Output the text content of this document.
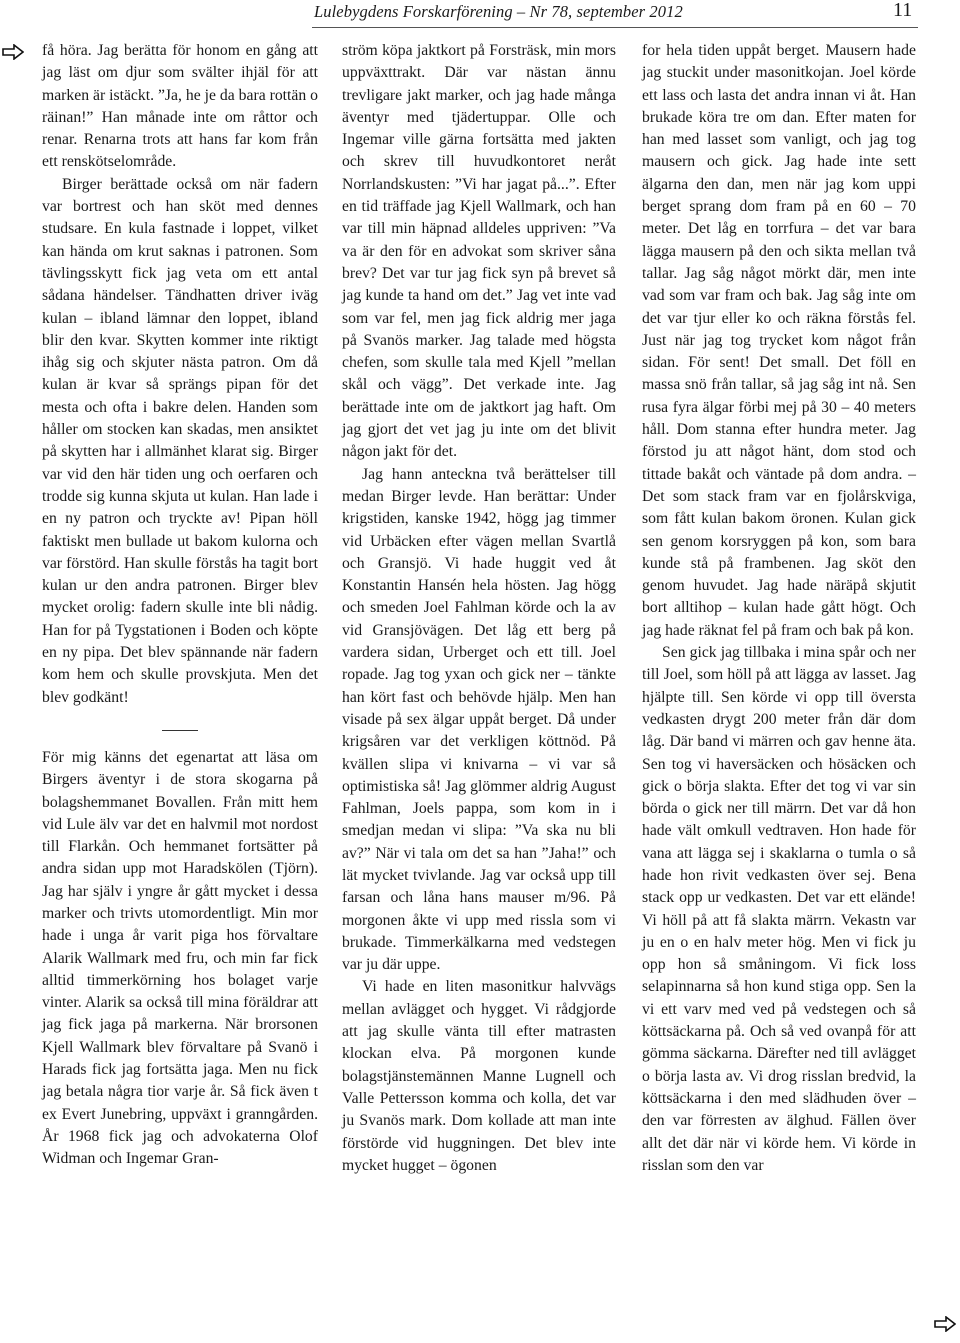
Lulebygdens Forskarförening – Nr 78, september 2012	11

få höra. Jag berätta för honom en gång att jag läst om djur som svälter ihjäl för att marken är istäckt. ”Ja, he je da bara rottän o räinan!” Han månade inte om råttor och renar. Renarna trots att hans far kom från ett renskötselområde.

Birger berättade också om när fadern var bortrest och han sköt med dennes studsare. En kula fastnade i loppet, vilket kan hända om krut saknas i patronen. Som tävlingsskytt fick jag veta om ett antal sådana händelser. Tändhatten driver iväg kulan – ibland lämnar den loppet, ibland blir den kvar. Skytten kommer inte riktigt ihåg sig och skjuter nästa patron. Om då kulan är kvar så sprängs pipan för det mesta och ofta i bakre delen. Handen som håller om stocken kan skadas, men ansiktet på skytten har i allmänhet klarat sig. Birger var vid den här tiden ung och oerfaren och trodde sig kunna skjuta ut kulan. Han lade i en ny patron och tryckte av! Pipan höll faktiskt men bullade ut bakom kulorna och var förstörd. Han skulle förstås ha tagit bort kulan ur den andra patronen. Birger blev mycket orolig: fadern skulle inte bli nådig. Han for på Tygstationen i Boden och köpte en ny pipa. Det blev spännande när fadern kom hem och skulle provskjuta. Men det blev godkänt!

För mig känns det egenartat att läsa om Birgers äventyr i de stora skogarna på bolagshemmanet Bovallen. Från mitt hem vid Lule älv var det en halvmil mot nordost till Flarkån. Och hemmanet fortsätter på andra sidan upp mot Haradskölen (Tjörn). Jag har själv i yngre år gått mycket i dessa marker och trivts utomordentligt. Min mor hade i unga år varit piga hos förvaltare Alarik Wallmark med fru, och min far fick alltid timmerkörning hos bolaget varje vinter. Alarik sa också till mina föräldrar att jag fick jaga på markerna. När brorsonen Kjell Wallmark blev förvaltare på Svanö i Harads fick jag fortsätta jaga. Men nu fick jag betala några tior varje år. Så fick även t ex Evert Junebring, uppväxt i granngården. År 1968 fick jag och advokaterna Olof Widman och Ingemar Gran-

ström köpa jaktkort på Forsträsk, min mors uppväxttrakt. Där var nästan ännu trevligare jakt marker, och jag hade många äventyr med tjädertuppar. Olle och Ingemar ville gärna fortsätta med jakten och skrev till huvudkontoret neråt Norrlandskusten: ”Vi har jagat på...”. Efter en tid träffade jag Kjell Wallmark, och han var till min häpnad alldeles uppriven: ”Va va är den för en advokat som skriver såna brev? Det var tur jag fick syn på brevet så jag kunde ta hand om det.” Jag vet inte vad som var fel, men jag fick aldrig mer jaga på Svanös marker. Jag talade med högsta chefen, som skulle tala med Kjell ”mellan skål och vägg”. Det verkade inte. Jag berättade inte om de jaktkort jag haft. Om jag gjort det vet jag ju inte om det blivit någon jakt för det.

Jag hann anteckna två berättelser till medan Birger levde. Han berättar: Under krigstiden, kanske 1942, högg jag timmer vid Urbäcken efter vägen mellan Svartlå och Gransjö. Vi hade huggit ved åt Konstantin Hansén hela hösten. Jag högg och smeden Joel Fahlman körde och la av vid Gransjövägen. Det låg ett berg på vardera sidan, Urberget och ett till. Joel ropade. Jag tog yxan och gick ner – tänkte han kört fast och behövde hjälp. Men han visade på sex älgar uppåt berget. Då under krigsåren var det verkligen köttnöd. På kvällen slipa vi knivarna – vi var så optimistiska så! Jag glömmer aldrig August Fahlman, Joels pappa, som kom in i smedjan medan vi slipa: ”Va ska nu bli av?” När vi tala om det sa han ”Jaha!” och lät mycket tvivlande. Jag var också upp till farsan och låna hans mauser m/96. På morgonen åkte vi upp med rissla som vi brukade. Timmerkälkarna med vedstegen var ju där uppe.

Vi hade en liten masonitkur halvvägs mellan avlägget och hygget. Vi rådgjorde att jag skulle vänta till efter matrasten klockan elva. På morgonen kunde bolagstjänstemännen Manne Lugnell och Valle Pettersson komma och kolla, det var ju Svanös mark. Dom kollade att man inte förstörde vid huggningen. Det blev inte mycket hugget – ögonen

for hela tiden uppåt berget. Mausern hade jag stuckit under masonitkojan. Joel körde ett lass och lasta det andra innan vi åt. Han brukade köra tre om dan. Efter maten for han med lasset som vanligt, och jag tog mausern och gick. Jag hade inte sett älgarna den dan, men när jag kom uppi berget sprang dom fram på en 60 – 70 meter. Det låg en torrfura – det var bara lägga mausern på den och sikta mellan två tallar. Jag såg något mörkt där, men inte vad som var fram och bak. Jag såg inte om det var tjur eller ko och räkna förstås fel. Just när jag tog trycket kom något från sidan. För sent! Det small. Det föll en massa snö från tallar, så jag såg int nå. Sen rusa fyra älgar förbi mej på 30 – 40 meters håll. Dom stanna efter hundra meter. Jag förstod ju att något hänt, dom stod och tittade bakåt och väntade på dom andra. – Det som stack fram var en fjolårskviga, som fått kulan bakom öronen. Kulan gick sen genom korsryggen på kon, som bara kunde stå på frambenen. Jag sköt den genom huvudet. Jag hade näräpå skjutit bort alltihop – kulan hade gått högt. Och jag hade räknat fel på fram och bak på kon.

Sen gick jag tillbaka i mina spår och ner till Joel, som höll på att lägga av lasset. Jag hjälpte till. Sen körde vi opp till översta vedkasten drygt 200 meter från där dom låg. Där band vi märren och gav henne äta. Sen tog vi haversäcken och hösäcken och gick o börja slakta. Efter det tog vi var sin börda o gick ner till märrn. Det var då hon hade vält omkull vedtraven. Hon hade för vana att lägga sej i skaklarna o tumla o så hade hon rivit vedkasten över sej. Bena stack opp ur vedkasten. Det var ett elände! Vi höll på att få slakta märrn. Vekastn var ju en o en halv meter hög. Men vi fick ju opp hon så småningom. Vi fick loss selapinnarna så hon kund stiga opp. Sen la vi ett varv med ved på vedstegen och så köttsäckarna på. Och så ved ovanpå för att gömma säckarna. Därefter ned till avlägget o börja lasta av. Vi drog risslan bredvid, la köttsäckarna i den med slädhuden över – den var förresten av älghud. Fällen över allt det där när vi körde hem. Vi körde in risslan som den var
